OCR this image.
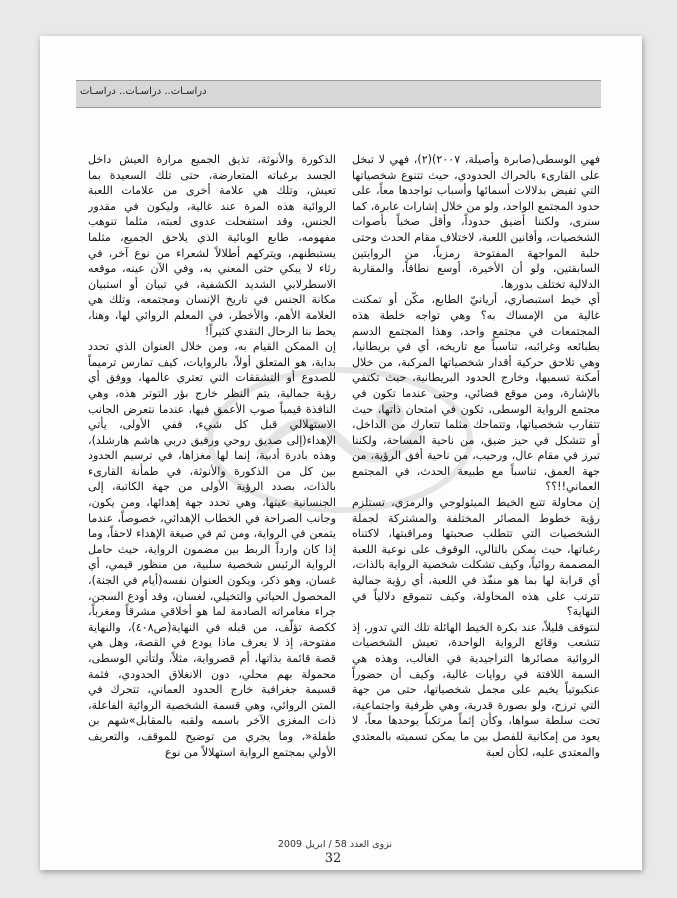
دراسـات.. دراسـات.. دراسـات

فهي الوسطى(صابرة وأصيلة، ٢٠٠٧)(٢)، فهي لا تبخل على القارىء بالحراك الحدودي، حيث تتنوع شخصياتها التي تفيض بدلالات أسمائها وأسباب تواجدها معاً، على حدود المجتمع الواحد، ولو من خلال إشارات عابرة، كما سنرى، ولكننا أضيق حدوداً، وأقل صخباً بأصوات الشخصيات، وأفانين اللعبة، لاختلاف مقام الحدث وحتى حلبة المواجهة المفتوحة رمزياً، من الروايتين السابقتين، ولو أن الأخيرة، أوسع نطاقاً، والمقاربة الدلالية تختلف بدورها.

أي خيط استبصاري، أريانيّ الطابع، مكّن أو تمكنت غالية من الإمساك به؟ وهي تواجه خلطة هذه المجتمعات في مجتمع واحد، وهذا المجتمع الدسم بطبائعه وغرائبه، تناسباً مع تاريخه، أي في بريطانيا، وهي تلاحق حركية أقدار شخصياتها المركبة، من خلال أمكنة تسميها، وخارج الحدود البريطانية، حيث تكتفي بالإشارة، ومن موقع فضائي، وحتى عندما تكون في مجتمع الرواية الوسطى، تكون في امتحان ذاتها، حيث تتقارب شخصياتها، وتتماحك مثلما تتعارك من الداخل، أو تتشكل في حيز ضيق، من ناحية المساحة، ولكننا تبرز في مقام عال، ورحيب، من ناحية أفق الرؤية، من جهة العمق، تناسباً مع طبيعة الحدث، في المجتمع العماني!!؟؟

إن محاولة تتبع الخيط الميثولوجي والرمزي، تستلزم رؤية خطوط المصائر المختلفة والمشتركة لجملة الشخصيات التي تتطلب صحبتها ومراقبتها، لاكتناه رغباتها، حيث يمكن بالتالي، الوقوف على نوعية اللعبة المصممة روائياً، وكيف تشكلت شخصية الرواية بالذات، أي قرابة لها بما هو منفّذ في اللعبة، أي رؤية جمالية تترتب على هذه المحاولة، وكيف تتموقع دلالياً في النهاية؟

لنتوقف قليلاً، عند بكرة الخيط الهائلة تلك التي تدور، إذ تتشعب وقائع الرواية الواحدة، تعيش الشخصيات الروائية مصائرها التراجيدية في الغالب، وهذه هي السمة اللافتة في روايات غالية، وكيف أن حضوراً عنكبوتياً يخيم على مجمل شخصياتها، حتى من جهة التي ترزح، ولو بصورة قدرية، وهي ظرفية واجتماعية، تحت سلطة سواها، وكأن إثماً مرتكباً يوحدها معاً، لا يعود من إمكانية للفصل بين ما يمكن تسميته بالمعتدي والمعتدى عليه، لكأن لعبة

الذكورة والأنوثة، تذيق الجميع مرارة العيش داخل الجسد برغباته المتعارضة، حتى تلك السعيدة بما تعيش، وتلك هي علامة أخرى من علامات اللعبة الروائية هذه المرة عند غالية، وليكون في مقدور الجنس، وقد استفحلت عدوى لعبته، مثلما تنوهب مفهومه، طابع الوبائية الذي يلاحق الجميع، مثلما يستبطنهم، ويتركهم أطلالاً لشعراء من نوع آخر، في رثاء لا يبكي حتى المعني به، وفي الآن عينه، موقعه الاسطرلابي الشديد الكشفية، في تبيان أو استبيان مكانة الجنس في تاريخ الإنسان ومجتمعه، وتلك هي العلامة الأهم، والأخطر، في المعلم الروائي لها، وهنا، يحط بنا الرحال النقدي كثيراً!

إن الممكن القيام به، ومن خلال العنوان الذي تحدد بداية، هو المتعلق أولاً، بالروايات، كيف تمارس ترميماً للصدوع أو التشققات التي تعتري عالمها، ووفق أي رؤية جمالية، يتم النظر خارج بؤر التوتر هذه، وهي النافذة قيمياً صوب الأعمق فيها، عندما نتعرض الجانب الاستهلالي قبل كل شيء، ففي الأولى، يأتي الإهداء(إلى صديق روحي ورفيق دربي هاشم هارشلد)، وهذه بادرة أدبية، إنما لها مغزاها، في ترسيم الحدود بين كل من الذكورة والأنوثة، في طمأنة القارىء بالذات، بصدد الرؤية الأولى من جهة الكاتبة، إلى الجنسانية عينها، وهي تحدد جهة إهدائها، ومن يكون، وجانب الصراحة في الخطاب الإهدائي، خصوصاً، عندما يتمعن في الرواية، ومن ثم في صيغة الإهداء لاحقاً، وما إذا كان وارداً الربط بين مضمون الرواية، حيث حامل الرواية الرئيس شخصية سلبية، من منظور قيمي، أي غسان، وهو ذكر، ويكون العنوان نفسه(أيام في الجنة)، المحصول الحياتي والتخيلي، لغسان، وقد أودع السجن، جراء مغامراته الصادمة لما هو أخلاقي مشرقاً ومغرباً، ككصة تؤلّف، من قبله في النهاية(ص٤٠٨)، والنهاية مفتوحة، إذ لا يعرف ماذا يودع في القصة، وهل هي قصة قائمة بذاتها، أم قصرواية، مثلاً، ولتأتي الوسطى، محمولة بهم محلي، دون الانغلاق الحدودي، فثمة قسيمة جغرافية خارج الحدود العماني، تتحرك في المتن الروائي، وهي قسمة الشخصية الروائية الفاعلة، ذات المغزى الآخر باسمه ولقبه بالمقابل»شهم بن طفلة«، وما يجري من توضيح للموقف، والتعريف الأولي بمجتمع الرواية استهلالاً من نوع

نزوى العدد 58 / ابريل 2009
32
